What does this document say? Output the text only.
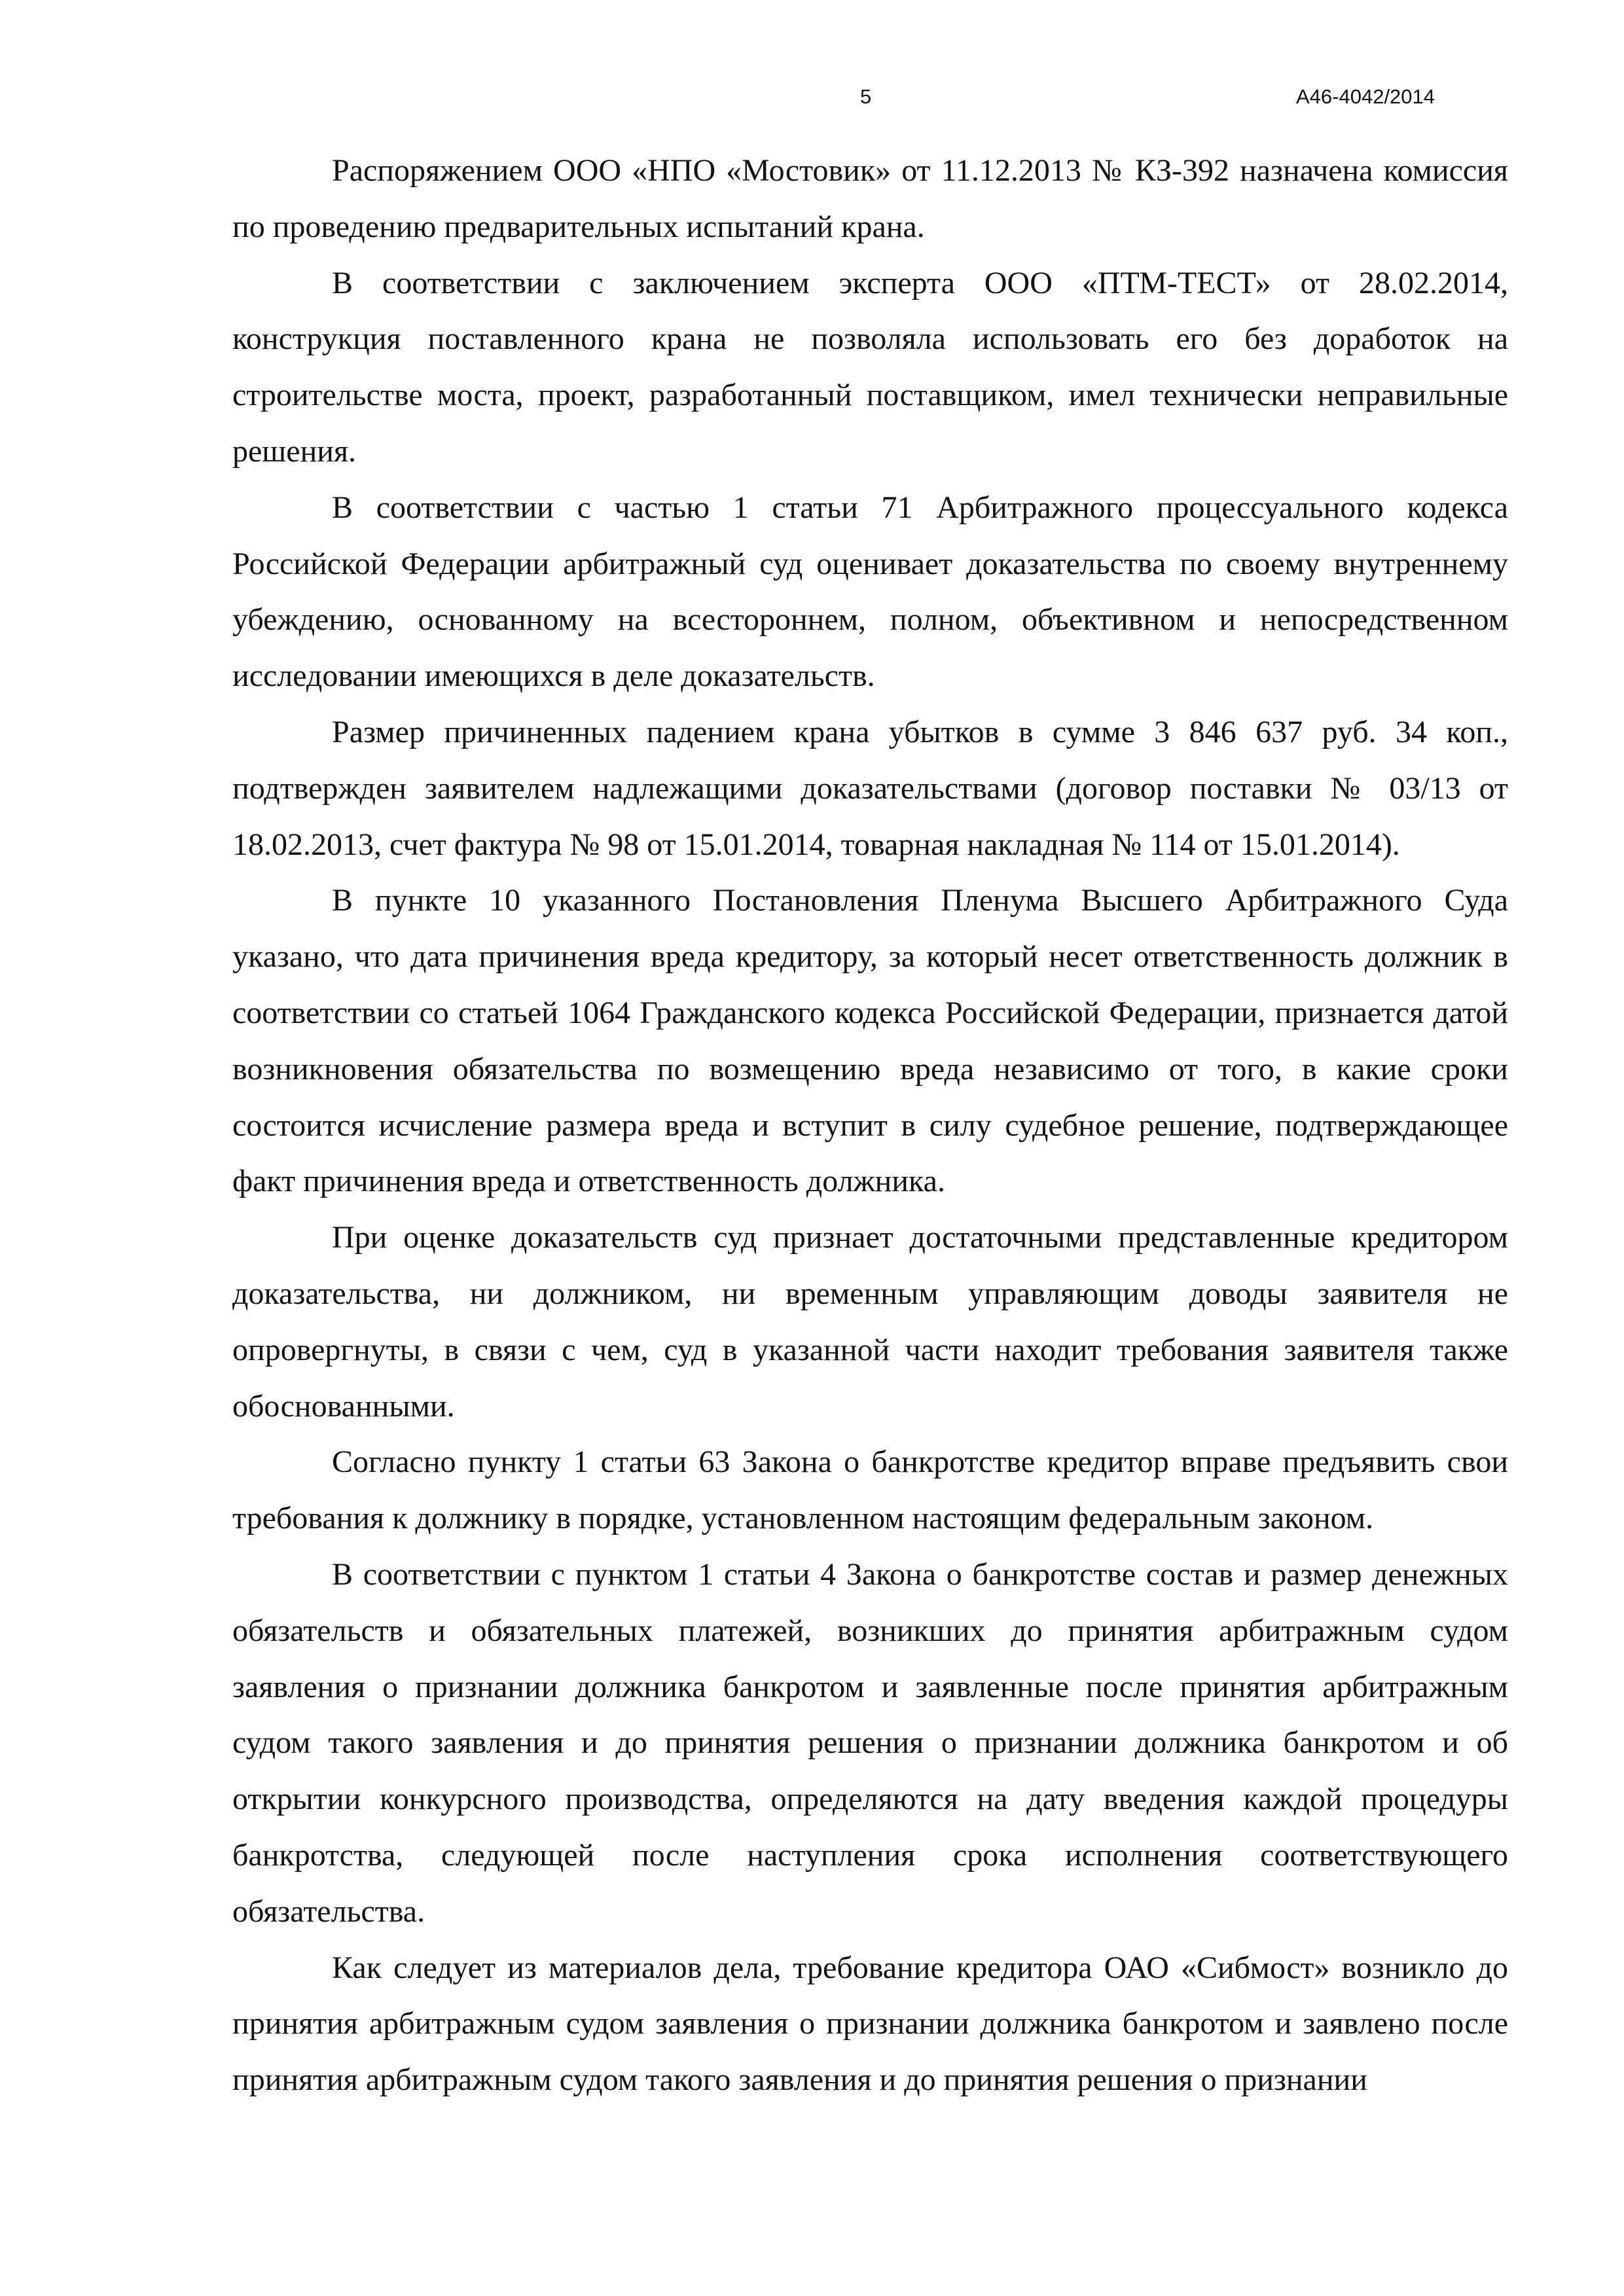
5	А46-4042/2014

Распоряжением ООО «НПО «Мостовик» от 11.12.2013 № КЗ-392 назначена комиссия по проведению предварительных испытаний крана.

В соответствии с заключением эксперта ООО «ПТМ-ТЕСТ» от 28.02.2014, конструкция поставленного крана не позволяла использовать его без доработок на строительстве моста, проект, разработанный поставщиком, имел технически неправильные решения.

В соответствии с частью 1 статьи 71 Арбитражного процессуального кодекса Российской Федерации арбитражный суд оценивает доказательства по своему внутреннему убеждению, основанному на всестороннем, полном, объективном и непосредственном исследовании имеющихся в деле доказательств.

Размер причиненных падением крана убытков в сумме 3 846 637 руб. 34 коп., подтвержден заявителем надлежащими доказательствами (договор поставки № 03/13 от 18.02.2013, счет фактура № 98 от 15.01.2014, товарная накладная № 114 от 15.01.2014).

В пункте 10 указанного Постановления Пленума Высшего Арбитражного Суда указано, что дата причинения вреда кредитору, за который несет ответственность должник в соответствии со статьей 1064 Гражданского кодекса Российской Федерации, признается датой возникновения обязательства по возмещению вреда независимо от того, в какие сроки состоится исчисление размера вреда и вступит в силу судебное решение, подтверждающее факт причинения вреда и ответственность должника.

При оценке доказательств суд признает достаточными представленные кредитором доказательства, ни должником, ни временным управляющим доводы заявителя не опровергнуты, в связи с чем, суд в указанной части находит требования заявителя также обоснованными.

Согласно пункту 1 статьи 63 Закона о банкротстве кредитор вправе предъявить свои требования к должнику в порядке, установленном настоящим федеральным законом.

В соответствии с пунктом 1 статьи 4 Закона о банкротстве состав и размер денежных обязательств и обязательных платежей, возникших до принятия арбитражным судом заявления о признании должника банкротом и заявленные после принятия арбитражным судом такого заявления и до принятия решения о признании должника банкротом и об открытии конкурсного производства, определяются на дату введения каждой процедуры банкротства, следующей после наступления срока исполнения соответствующего обязательства.

Как следует из материалов дела, требование кредитора ОАО «Сибмост» возникло до принятия арбитражным судом заявления о признании должника банкротом и заявлено после принятия арбитражным судом такого заявления и до принятия решения о признании
